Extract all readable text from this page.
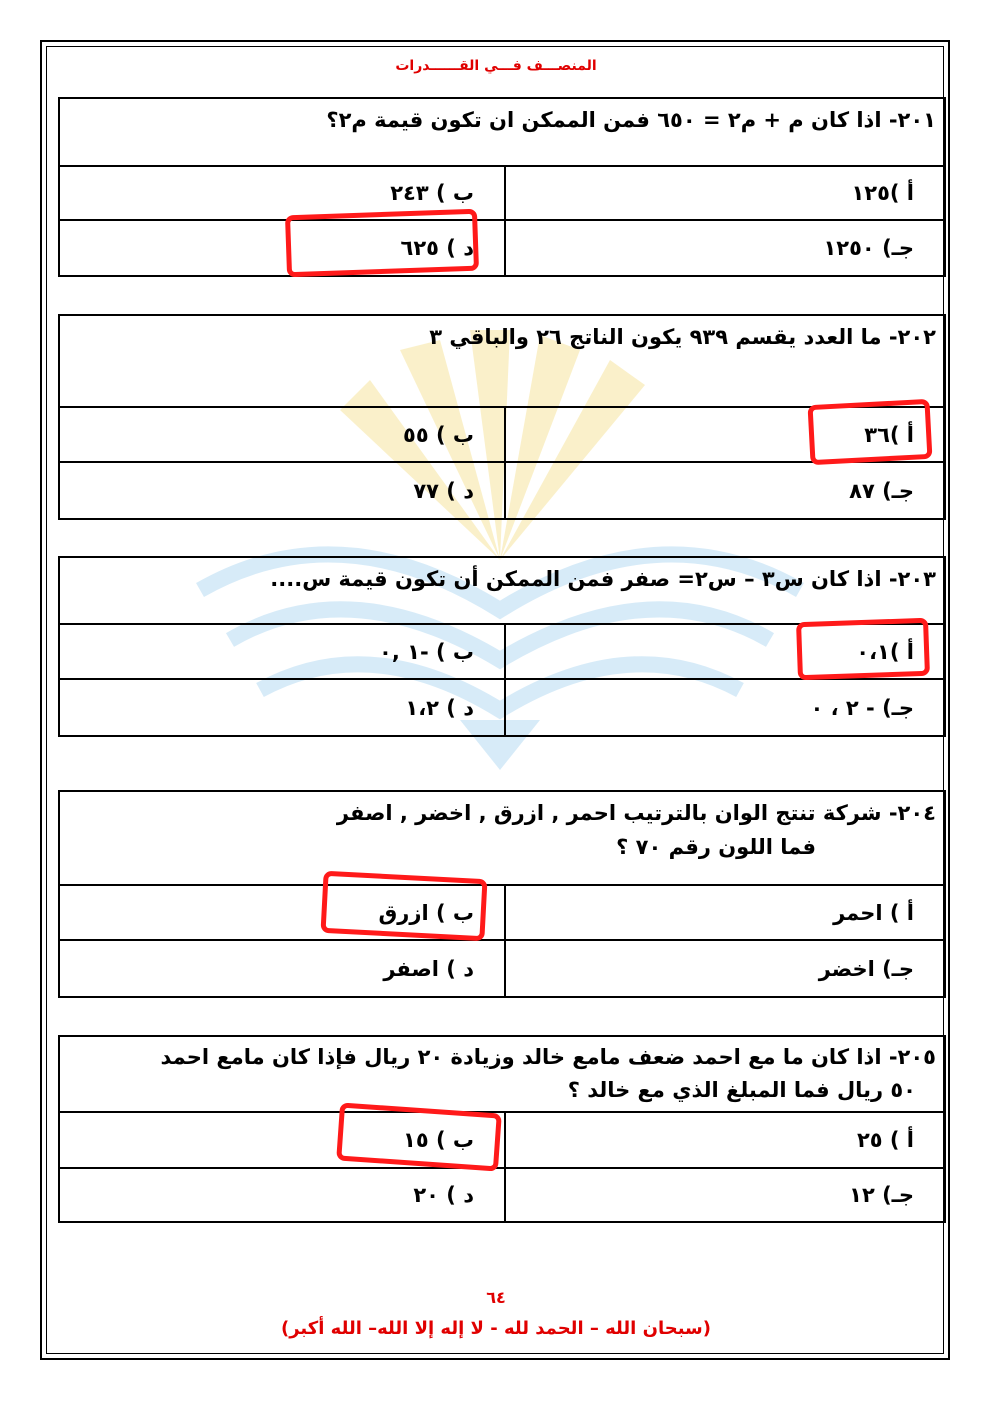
المنصـــف فـــي القــــــدرات
٢٠١- اذا كان م + م٢ = ٦٥٠ فمن الممكن ان تكون قيمة م٢؟
أ )١٢٥
ب ) ٢٤٣
جـ) ١٢٥٠
د ) ٦٢٥
٢٠٢- ما العدد يقسم ٩٣٩ يكون الناتج ٢٦ والباقي ٣
أ )٣٦
ب ) ٥٥
جـ) ٨٧
د ) ٧٧
٢٠٣- اذا كان س٣ – س٢= صفر فمن الممكن أن تكون قيمة س....
أ )٠،١
ب ) -١ ,٠
جـ) - ٢ ، ٠
د ) ١،٢
٢٠٤- شركة تنتج الوان بالترتيب احمر , ازرق , اخضر , اصفر
فما اللون رقم ٧٠ ؟
أ ) احمر
ب ) ازرق
جـ) اخضر
د ) اصفر
٢٠٥- اذا كان ما مع احمد ضعف مامع خالد وزيادة ٢٠ ريال فإذا كان مامع احمد
٥٠ ريال فما المبلغ الذي مع خالد ؟
أ ) ٢٥
ب ) ١٥
جـ) ١٢
د ) ٢٠
٦٤
(سبحان الله – الحمد لله - لا إله إلا الله– الله أكبر)
